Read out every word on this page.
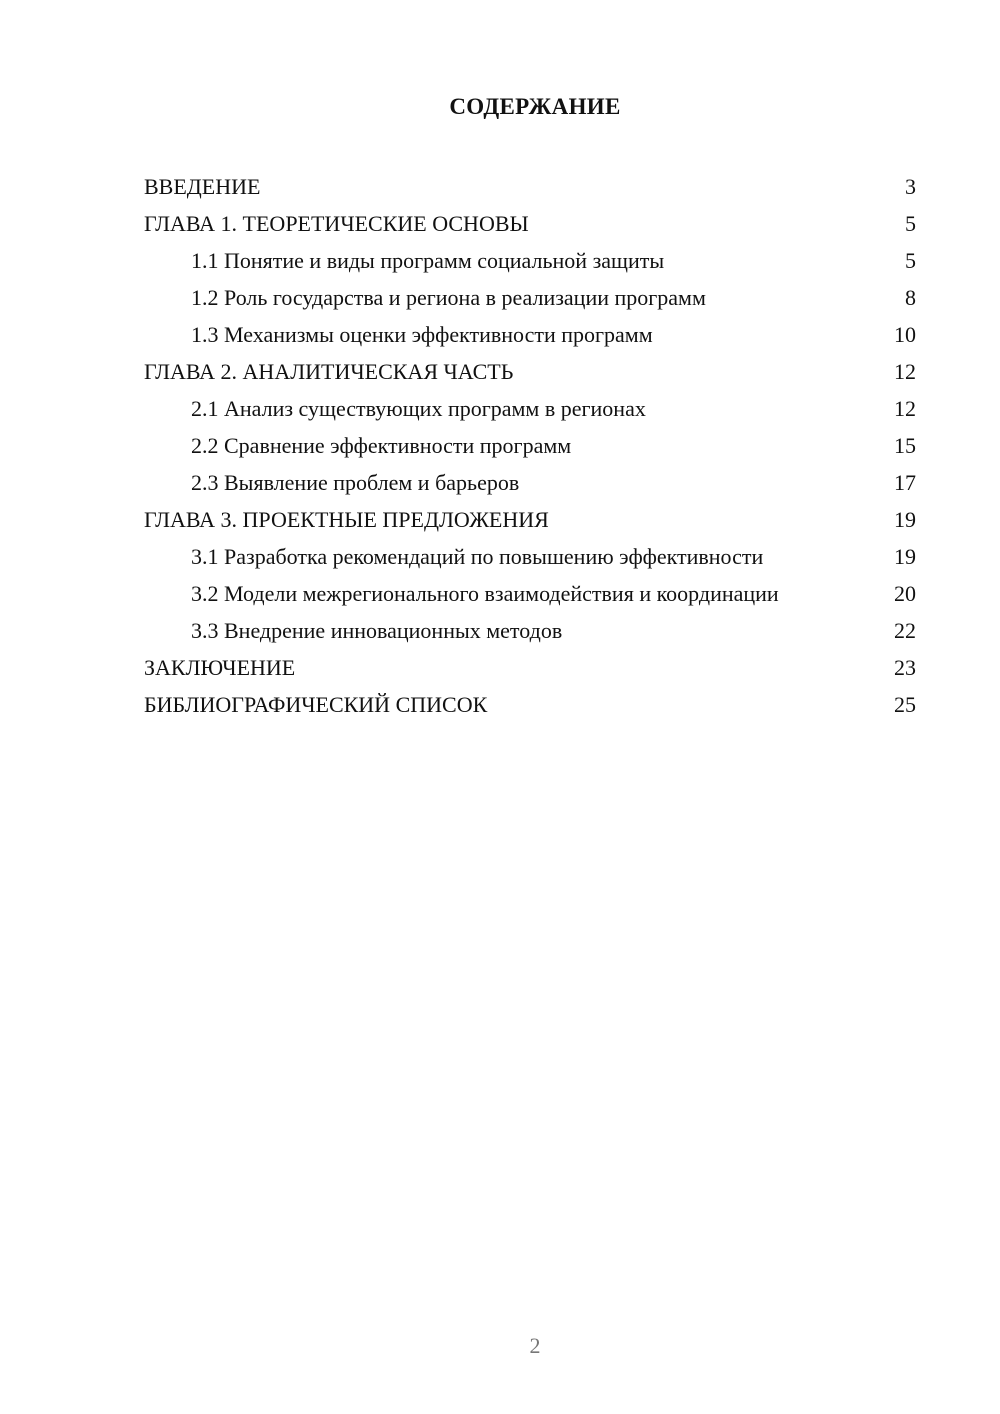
СОДЕРЖАНИЕ
ВВЕДЕНИЕ	3
ГЛАВА 1. ТЕОРЕТИЧЕСКИЕ ОСНОВЫ	5
1.1 Понятие и виды программ социальной защиты	5
1.2 Роль государства и региона в реализации программ	8
1.3 Механизмы оценки эффективности программ	10
ГЛАВА 2. АНАЛИТИЧЕСКАЯ ЧАСТЬ	12
2.1 Анализ существующих программ в регионах	12
2.2 Сравнение эффективности программ	15
2.3 Выявление проблем и барьеров	17
ГЛАВА 3. ПРОЕКТНЫЕ ПРЕДЛОЖЕНИЯ	19
3.1 Разработка рекомендаций по повышению эффективности	19
3.2 Модели межрегионального взаимодействия и координации	20
3.3 Внедрение инновационных методов	22
ЗАКЛЮЧЕНИЕ	23
БИБЛИОГРАФИЧЕСКИЙ СПИСОК	25
2
